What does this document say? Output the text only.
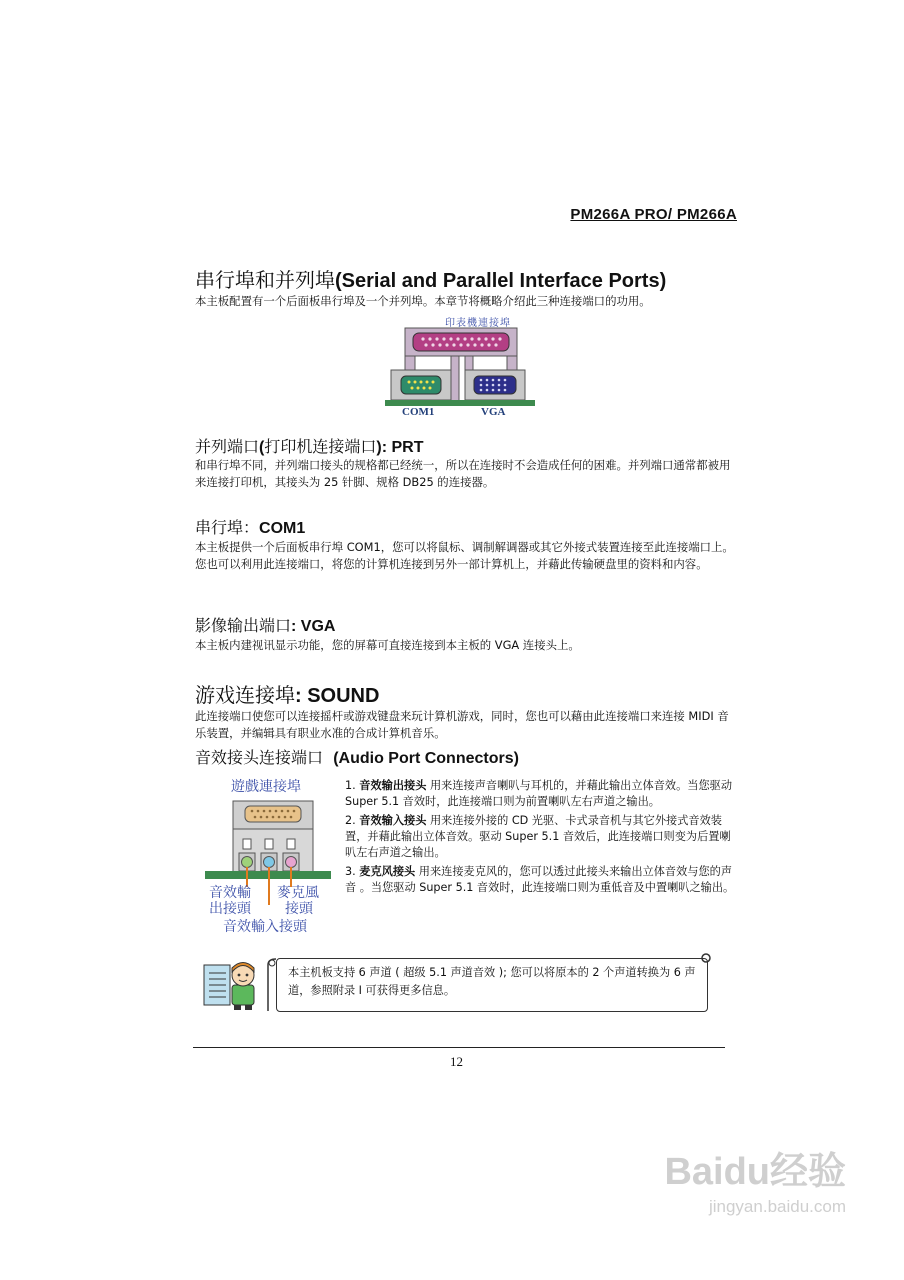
PM266A PRO/ PM266A
串行埠和并列埠(Serial and Parallel Interface Ports)
本主板配置有一个后面板串行埠及一个并列埠。本章节将概略介绍此三种连接端口的功用。
印表機連接埠
COM1	VGA
并列端口(打印机连接端口): PRT
和串行埠不同，并列端口接头的规格都已经统一，所以在连接时不会造成任何的困难。并列端口通常都被用来连接打印机，其接头为 25 针脚、规格 DB25 的连接器。
串行埠：COM1
本主板提供一个后面板串行埠 COM1，您可以将鼠标、调制解调器或其它外接式装置连接至此连接端口上。您也可以利用此连接端口，将您的计算机连接到另外一部计算机上，并藉此传输硬盘里的资料和内容。
影像输出端口: VGA
本主板内建视讯显示功能，您的屏幕可直接连接到本主板的 VGA 连接头上。
游戏连接埠: SOUND
此连接端口使您可以连接摇杆或游戏键盘来玩计算机游戏，同时，您也可以藉由此连接端口来连接 MIDI 音乐装置，并编辑具有职业水准的合成计算机音乐。
音效接头连接端口 (Audio Port Connectors)
遊戲連接埠
音效輸
出接頭
麥克風
接頭
音效輸入接頭

1. 音效输出接头 用来连接声音喇叭与耳机的，并藉此输出立体音效。当您驱动 Super 5.1 音效时，此连接端口则为前置喇叭左右声道之输出。

2. 音效输入接头 用来连接外接的 CD 光驱、卡式录音机与其它外接式音效装置，并藉此输出立体音效。驱动 Super 5.1 音效后，此连接端口则变为后置喇叭左右声道之输出。

3. 麦克风接头 用来连接麦克风的，您可以透过此接头来输出立体音效与您的声音 。当您驱动 Super 5.1 音效时，此连接端口则为重低音及中置喇叭之输出。

本主机板支持 6 声道 ( 超级 5.1 声道音效 ); 您可以将原本的 2 个声道转换为 6 声道，参照附录 I 可获得更多信息。
12
Baidu经验
jingyan.baidu.com
